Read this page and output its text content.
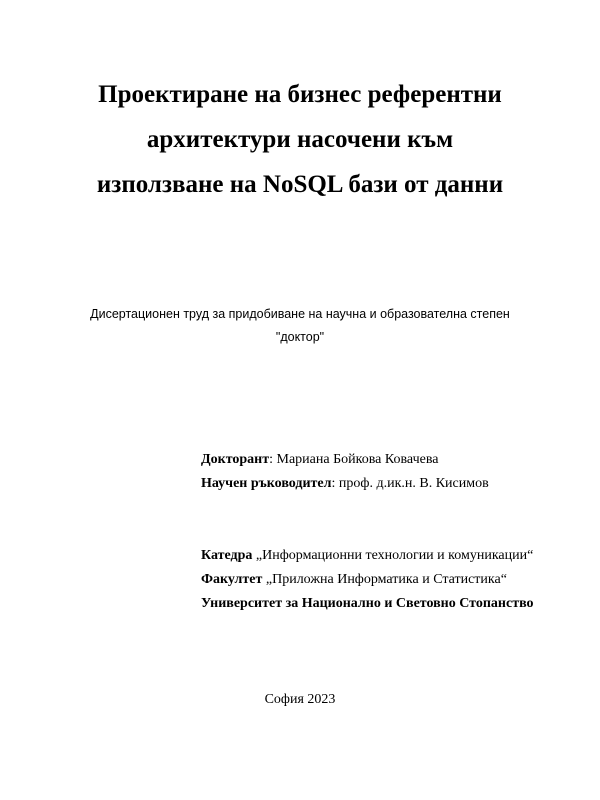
Проектиране на бизнес референтни
архитектури насочени към
използване на NoSQL бази от данни
Дисертационен труд за придобиване на научна и образователна степен
"доктор"
Докторант: Мариана Бойкова Ковачева
Научен ръководител: проф. д.ик.н. В. Кисимов
Катедра „Информационни технологии и комуникации“
Факултет „Приложна Информатика и Статистика“
Университет за Национално и Световно Стопанство
София 2023
